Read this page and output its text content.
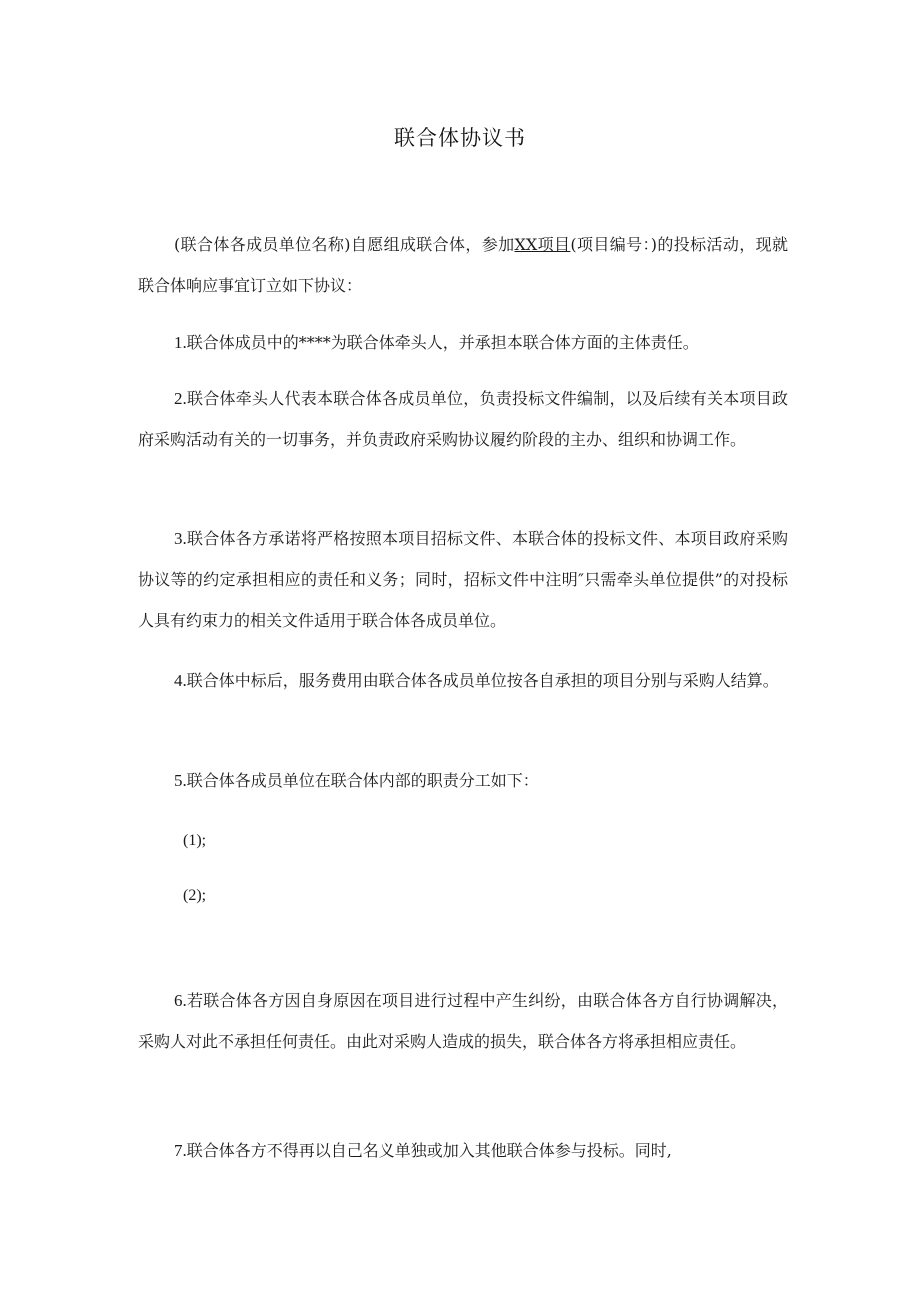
联合体协议书

(联合体各成员单位名称)自愿组成联合体，参加XX项目(项目编号：)的投标活动，现就联合体响应事宜订立如下协议：

1.联合体成员中的****为联合体牵头人，并承担本联合体方面的主体责任。

2.联合体牵头人代表本联合体各成员单位，负责投标文件编制，以及后续有关本项目政府采购活动有关的一切事务，并负责政府采购协议履约阶段的主办、组织和协调工作。

3.联合体各方承诺将严格按照本项目招标文件、本联合体的投标文件、本项目政府采购协议等的约定承担相应的责任和义务；同时，招标文件中注明″只需牵头单位提供”的对投标人具有约束力的相关文件适用于联合体各成员单位。

4.联合体中标后，服务费用由联合体各成员单位按各自承担的项目分别与采购人结算。

5.联合体各成员单位在联合体内部的职责分工如下：

(1);
(2);

6.若联合体各方因自身原因在项目进行过程中产生纠纷，由联合体各方自行协调解决，采购人对此不承担任何责任。由此对采购人造成的损失，联合体各方将承担相应责任。

7.联合体各方不得再以自己名义单独或加入其他联合体参与投标。同时,
